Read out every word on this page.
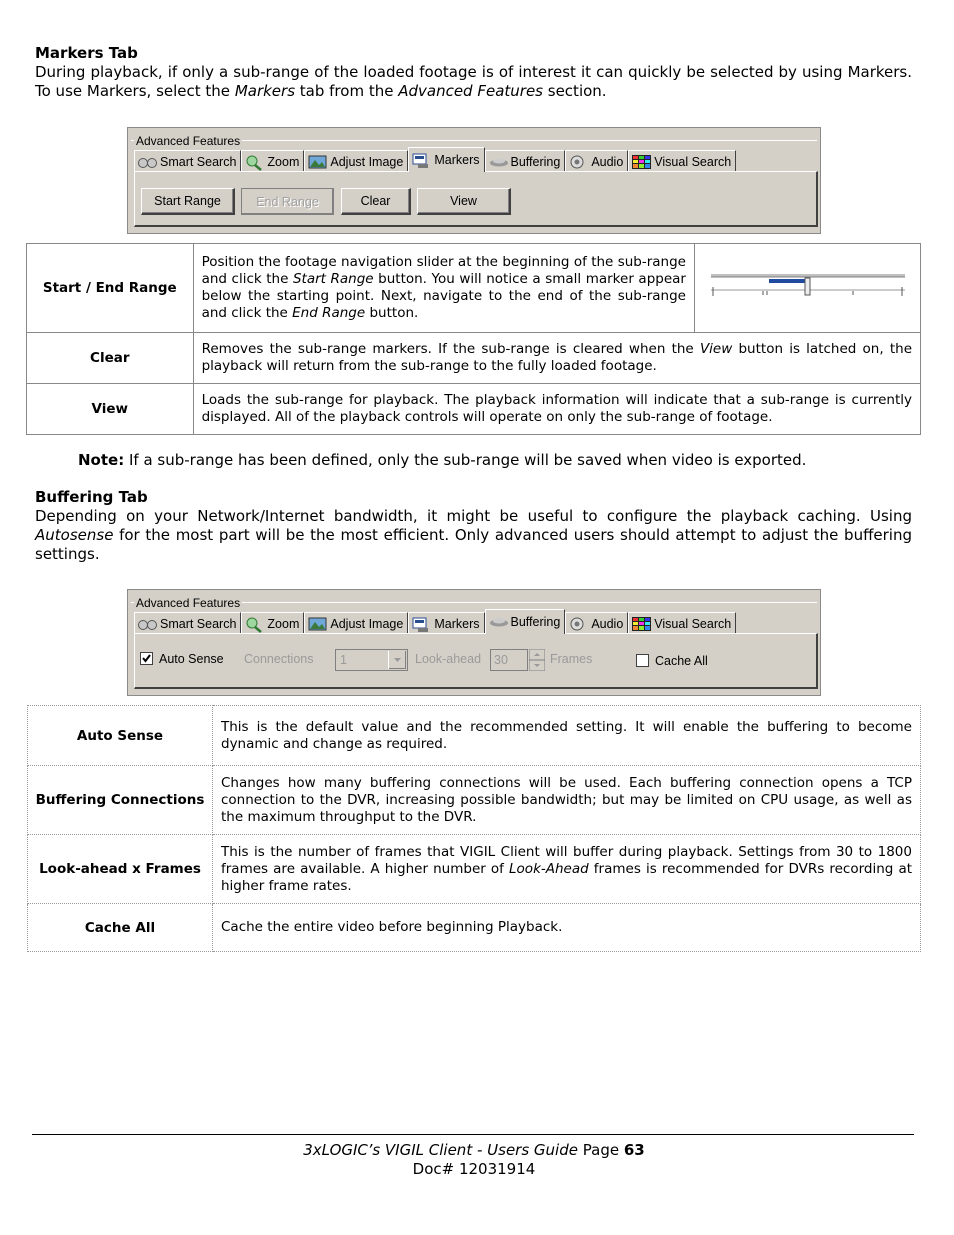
Markers Tab
During playback, if only a sub-range of the loaded footage is of interest it can quickly be selected by using Markers. To use Markers, select the Markers tab from the Advanced Features section.
Advanced Features
Smart Search Zoom Adjust Image Markers Buffering Audio Visual Search
Start Range	End Range	Clear	View
Start / End Range	Position the footage navigation slider at the beginning of the sub-range and click the Start Range button. You will notice a small marker appear below the starting point. Next, navigate to the end of the sub-range and click the End Range button.	
Clear	Removes the sub-range markers. If the sub-range is cleared when the View button is latched on, the playback will return from the sub-range to the fully loaded footage.	
View	Loads the sub-range for playback. The playback information will indicate that a sub-range is currently displayed. All of the playback controls will operate on only the sub-range of footage.	
Note: If a sub-range has been defined, only the sub-range will be saved when video is exported.
Buffering Tab
Depending on your Network/Internet bandwidth, it might be useful to configure the playback caching. Using Autosense for the most part will be the most efficient. Only advanced users should attempt to adjust the buffering settings.
Advanced Features
Smart Search Zoom Adjust Image Markers Buffering Audio Visual Search
Auto Sense Connections 1	Look-ahead 30	Frames	Cache All
Auto Sense	This is the default value and the recommended setting. It will enable the buffering to become dynamic and change as required.
Buffering Connections	Changes how many buffering connections will be used. Each buffering connection opens a TCP connection to the DVR, increasing possible bandwidth; but may be limited on CPU usage, as well as the maximum throughput to the DVR.
Look-ahead x Frames	This is the number of frames that VIGIL Client will buffer during playback. Settings from 30 to 1800 frames are available. A higher number of Look-Ahead frames is recommended for DVRs recording at higher frame rates.
Cache All	Cache the entire video before beginning Playback.
3xLOGIC’s VIGIL Client - Users Guide Page 63
Doc# 12031914
